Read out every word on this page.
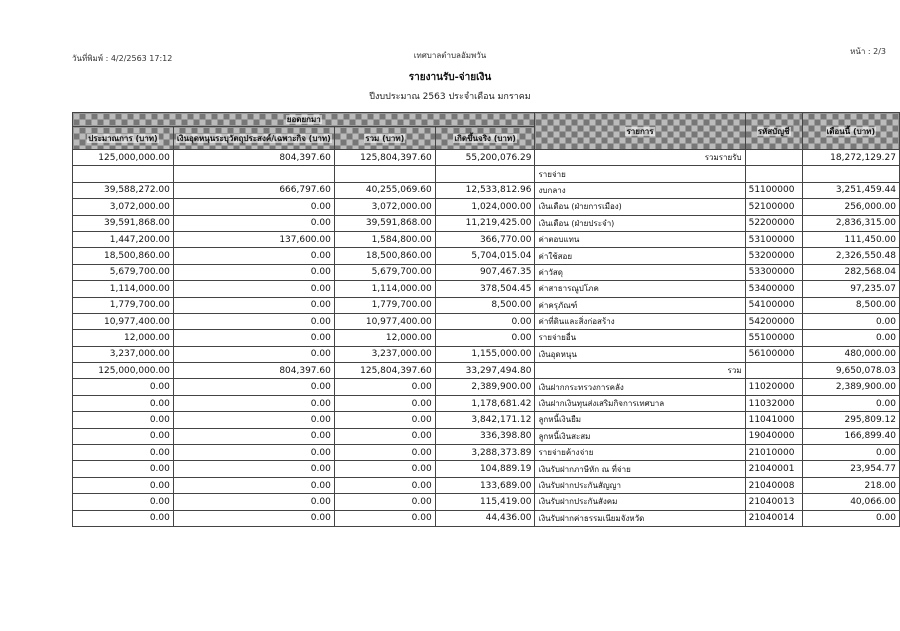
วันที่พิมพ์ : 4/2/2563 17:12	เทศบาลตำบลอัมพวัน	หน้า : 2/3
รายงานรับ-จ่ายเงิน
ปีงบประมาณ 2563 ประจำเดือน มกราคม
ยอดยกมา				รายการ	รหัสบัญชี	เดือนนี้ (บาท)
ประมาณการ (บาท)	เงินอุดหนุนระบุวัตถุประสงค์/เฉพาะกิจ (บาท)	รวม (บาท)	เกิดขึ้นจริง (บาท)			
125,000,000.00	804,397.60	125,804,397.60	55,200,076.29	รวมรายรับ		18,272,129.27
				รายจ่าย		
39,588,272.00	666,797.60	40,255,069.60	12,533,812.96	งบกลาง	51100000	3,251,459.44
3,072,000.00	0.00	3,072,000.00	1,024,000.00	เงินเดือน (ฝ่ายการเมือง)	52100000	256,000.00
39,591,868.00	0.00	39,591,868.00	11,219,425.00	เงินเดือน (ฝ่ายประจำ)	52200000	2,836,315.00
1,447,200.00	137,600.00	1,584,800.00	366,770.00	ค่าตอบแทน	53100000	111,450.00
18,500,860.00	0.00	18,500,860.00	5,704,015.04	ค่าใช้สอย	53200000	2,326,550.48
5,679,700.00	0.00	5,679,700.00	907,467.35	ค่าวัสดุ	53300000	282,568.04
1,114,000.00	0.00	1,114,000.00	378,504.45	ค่าสาธารณูปโภค	53400000	97,235.07
1,779,700.00	0.00	1,779,700.00	8,500.00	ค่าครุภัณฑ์	54100000	8,500.00
10,977,400.00	0.00	10,977,400.00	0.00	ค่าที่ดินและสิ่งก่อสร้าง	54200000	0.00
12,000.00	0.00	12,000.00	0.00	รายจ่ายอื่น	55100000	0.00
3,237,000.00	0.00	3,237,000.00	1,155,000.00	เงินอุดหนุน	56100000	480,000.00
125,000,000.00	804,397.60	125,804,397.60	33,297,494.80	รวม		9,650,078.03
0.00	0.00	0.00	2,389,900.00	เงินฝากกระทรวงการคลัง	11020000	2,389,900.00
0.00	0.00	0.00	1,178,681.42	เงินฝากเงินทุนส่งเสริมกิจการเทศบาล	11032000	0.00
0.00	0.00	0.00	3,842,171.12	ลูกหนี้เงินยืม	11041000	295,809.12
0.00	0.00	0.00	336,398.80	ลูกหนี้เงินสะสม	19040000	166,899.40
0.00	0.00	0.00	3,288,373.89	รายจ่ายค้างจ่าย	21010000	0.00
0.00	0.00	0.00	104,889.19	เงินรับฝากภาษีหัก ณ ที่จ่าย	21040001	23,954.77
0.00	0.00	0.00	133,689.00	เงินรับฝากประกันสัญญา	21040008	218.00
0.00	0.00	0.00	115,419.00	เงินรับฝากประกันสังคม	21040013	40,066.00
0.00	0.00	0.00	44,436.00	เงินรับฝากค่าธรรมเนียมจังหวัด	21040014	0.00
